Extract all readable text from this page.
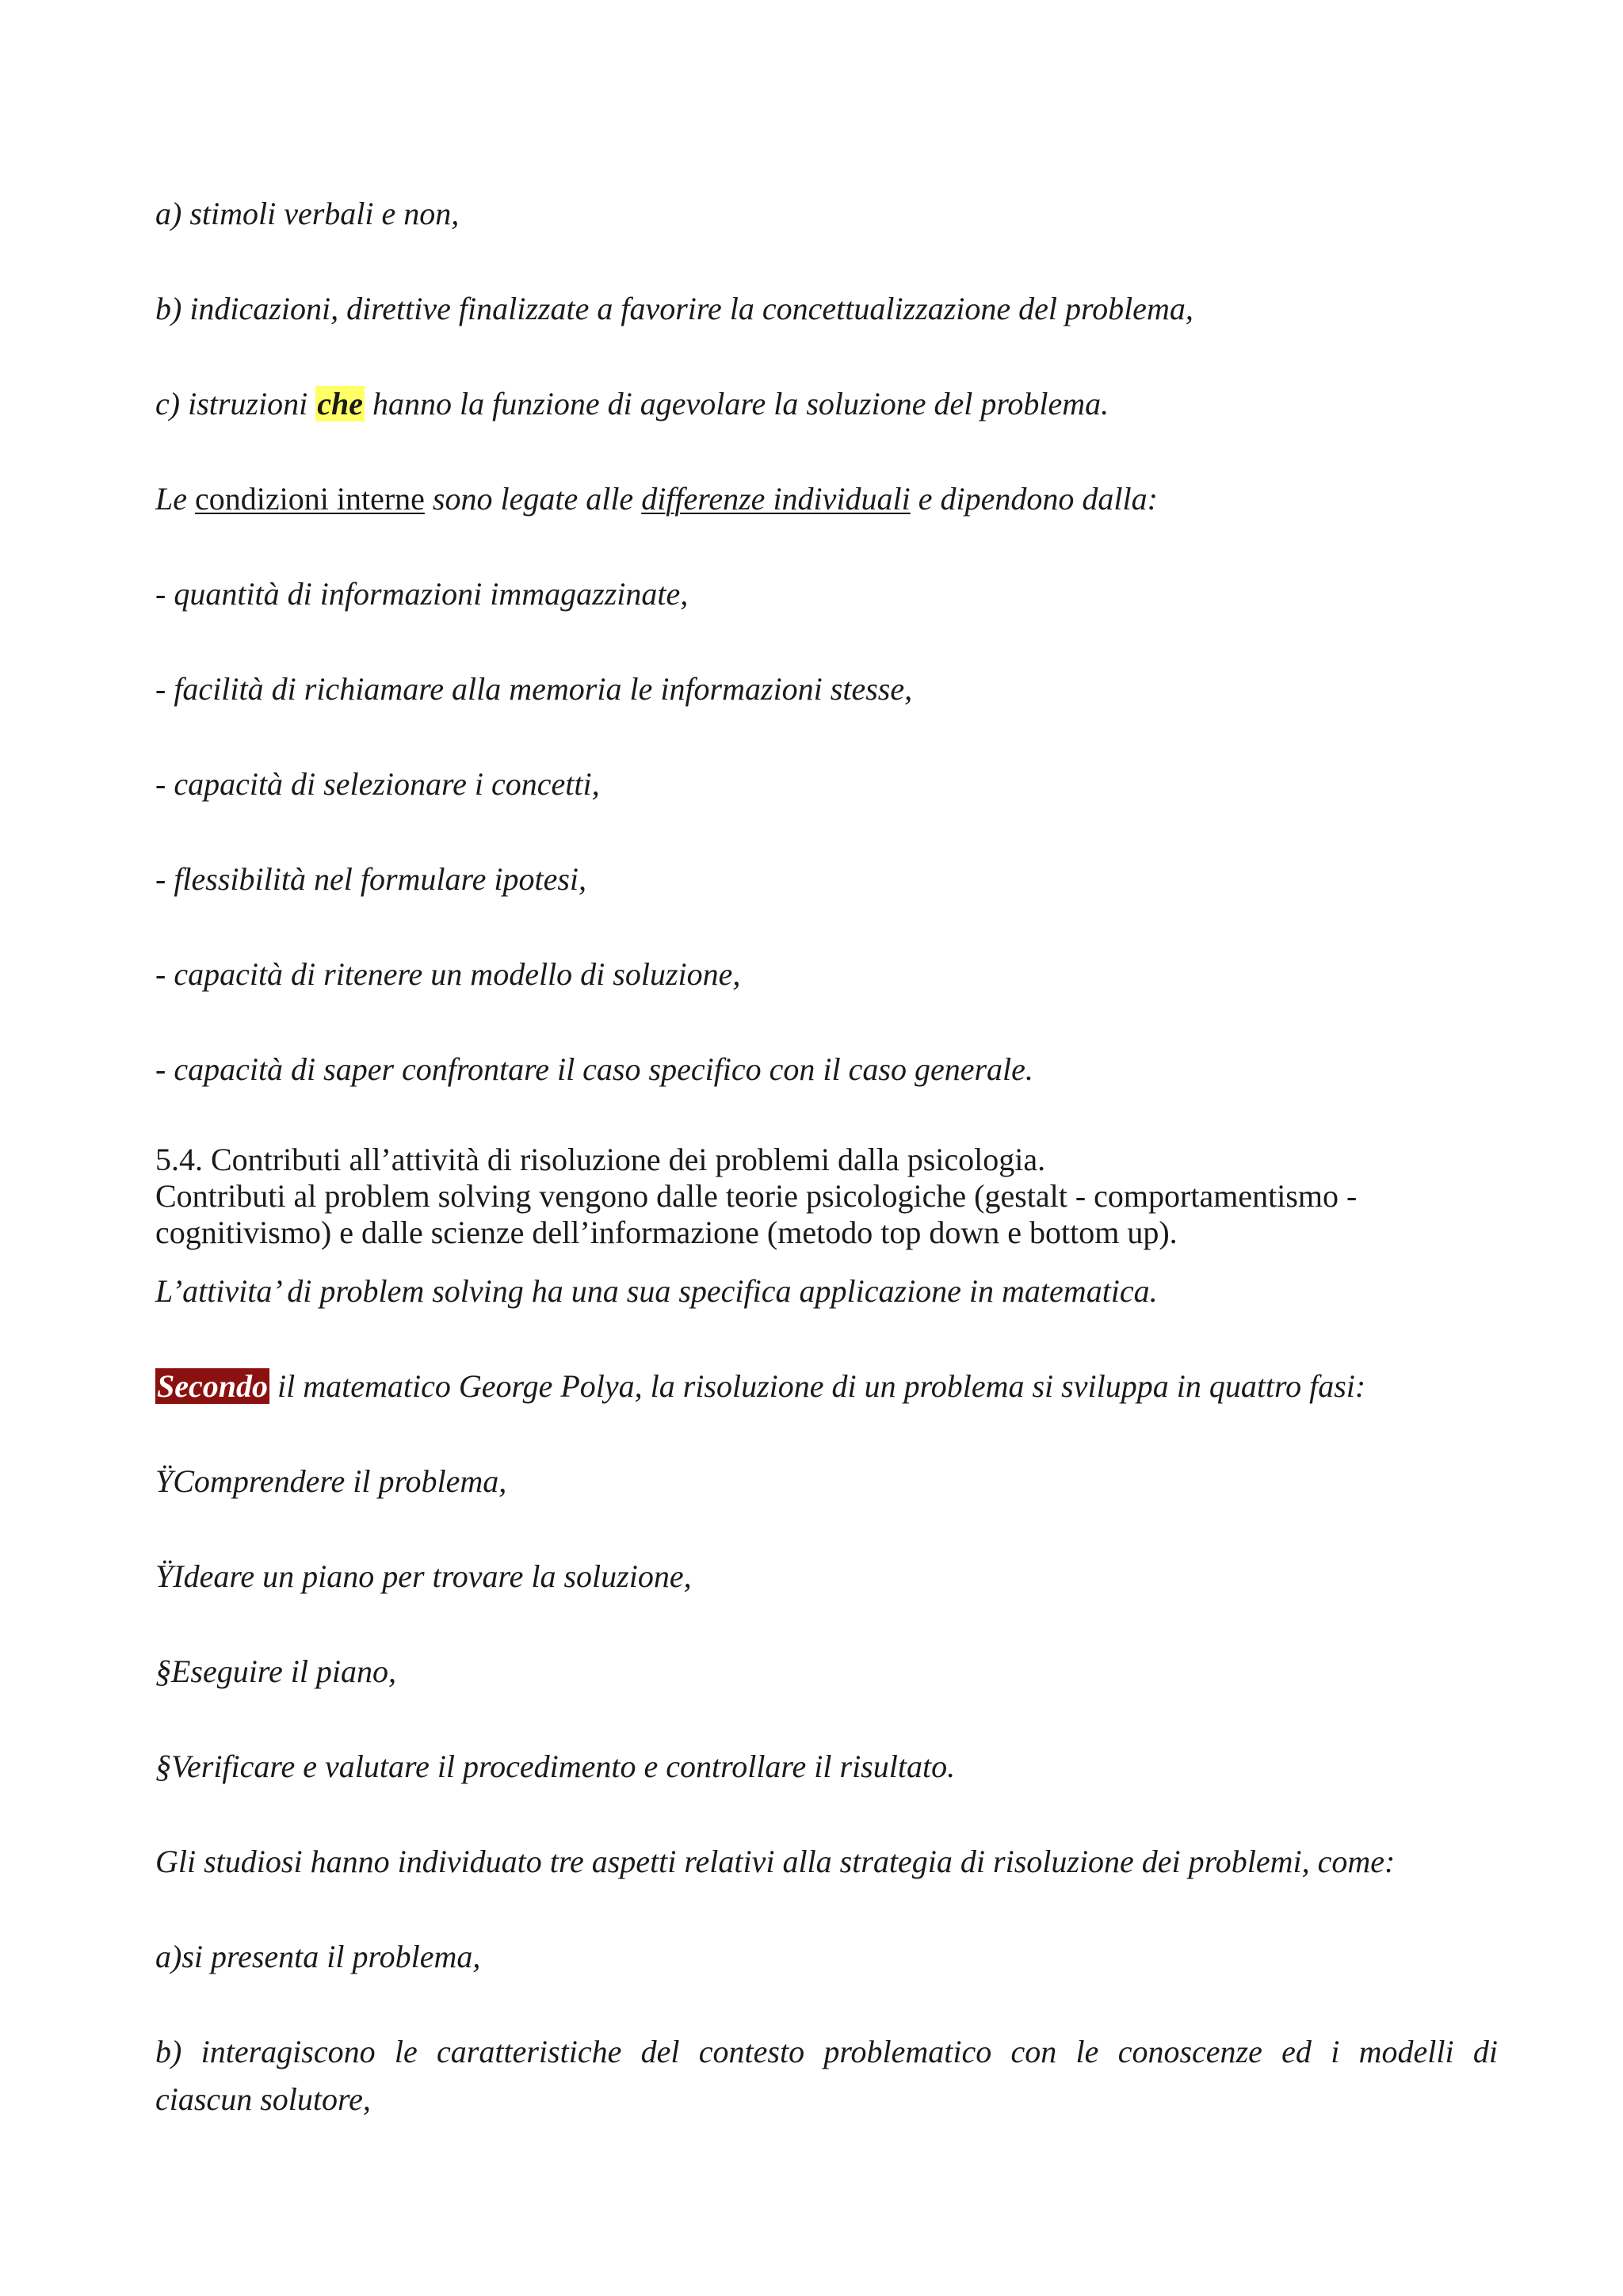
a) stimoli verbali e non,
b) indicazioni, direttive finalizzate a favorire la concettualizzazione del problema,
c) istruzioni che hanno la funzione di agevolare la soluzione del problema.
Le condizioni interne sono legate alle differenze individuali e dipendono dalla:
- quantità di informazioni immagazzinate,
- facilità di richiamare alla memoria le informazioni stesse,
- capacità di selezionare i concetti,
- flessibilità nel formulare ipotesi,
- capacità di ritenere un modello di soluzione,
- capacità di saper confrontare il caso specifico con il caso generale.
5.4. Contributi all’attività di risoluzione dei problemi dalla psicologia.
Contributi al problem solving vengono dalle teorie psicologiche (gestalt - comportamentismo -
cognitivismo) e dalle scienze dell’informazione (metodo top down e bottom up).
L’attivita’ di problem solving ha una sua specifica applicazione in matematica.
Secondo il matematico George Polya, la risoluzione di un problema si sviluppa in quattro fasi:
ŸComprendere il problema,
ŸIdeare un piano per trovare la soluzione,
§Eseguire il piano,
§Verificare e valutare il procedimento e controllare il risultato.
Gli studiosi hanno individuato tre aspetti relativi alla strategia di risoluzione dei problemi, come:
a)si presenta il problema,
b) interagiscono le caratteristiche del contesto problematico con le conoscenze ed i modelli di
ciascun solutore,
